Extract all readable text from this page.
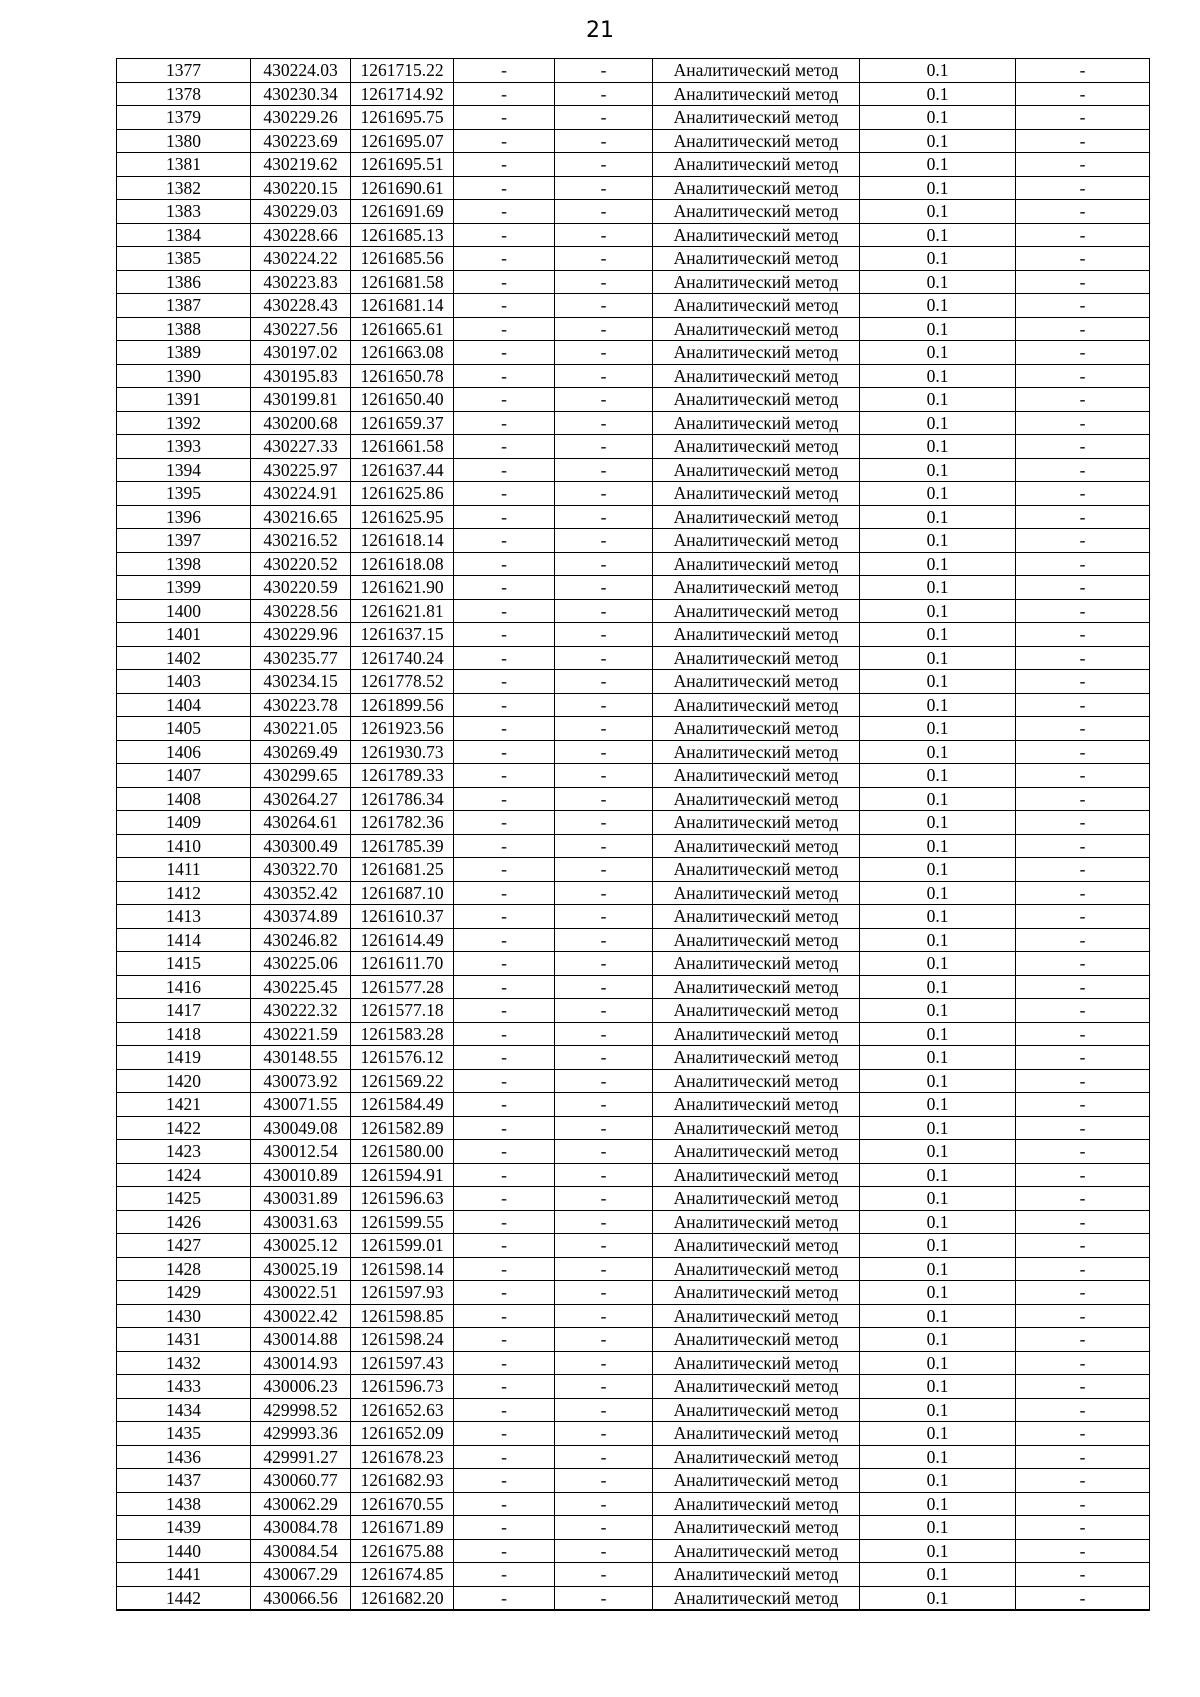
21
1377	430224.03	1261715.22	-	-	Аналитический метод	0.1	-
1378	430230.34	1261714.92	-	-	Аналитический метод	0.1	-
1379	430229.26	1261695.75	-	-	Аналитический метод	0.1	-
1380	430223.69	1261695.07	-	-	Аналитический метод	0.1	-
1381	430219.62	1261695.51	-	-	Аналитический метод	0.1	-
1382	430220.15	1261690.61	-	-	Аналитический метод	0.1	-
1383	430229.03	1261691.69	-	-	Аналитический метод	0.1	-
1384	430228.66	1261685.13	-	-	Аналитический метод	0.1	-
1385	430224.22	1261685.56	-	-	Аналитический метод	0.1	-
1386	430223.83	1261681.58	-	-	Аналитический метод	0.1	-
1387	430228.43	1261681.14	-	-	Аналитический метод	0.1	-
1388	430227.56	1261665.61	-	-	Аналитический метод	0.1	-
1389	430197.02	1261663.08	-	-	Аналитический метод	0.1	-
1390	430195.83	1261650.78	-	-	Аналитический метод	0.1	-
1391	430199.81	1261650.40	-	-	Аналитический метод	0.1	-
1392	430200.68	1261659.37	-	-	Аналитический метод	0.1	-
1393	430227.33	1261661.58	-	-	Аналитический метод	0.1	-
1394	430225.97	1261637.44	-	-	Аналитический метод	0.1	-
1395	430224.91	1261625.86	-	-	Аналитический метод	0.1	-
1396	430216.65	1261625.95	-	-	Аналитический метод	0.1	-
1397	430216.52	1261618.14	-	-	Аналитический метод	0.1	-
1398	430220.52	1261618.08	-	-	Аналитический метод	0.1	-
1399	430220.59	1261621.90	-	-	Аналитический метод	0.1	-
1400	430228.56	1261621.81	-	-	Аналитический метод	0.1	-
1401	430229.96	1261637.15	-	-	Аналитический метод	0.1	-
1402	430235.77	1261740.24	-	-	Аналитический метод	0.1	-
1403	430234.15	1261778.52	-	-	Аналитический метод	0.1	-
1404	430223.78	1261899.56	-	-	Аналитический метод	0.1	-
1405	430221.05	1261923.56	-	-	Аналитический метод	0.1	-
1406	430269.49	1261930.73	-	-	Аналитический метод	0.1	-
1407	430299.65	1261789.33	-	-	Аналитический метод	0.1	-
1408	430264.27	1261786.34	-	-	Аналитический метод	0.1	-
1409	430264.61	1261782.36	-	-	Аналитический метод	0.1	-
1410	430300.49	1261785.39	-	-	Аналитический метод	0.1	-
1411	430322.70	1261681.25	-	-	Аналитический метод	0.1	-
1412	430352.42	1261687.10	-	-	Аналитический метод	0.1	-
1413	430374.89	1261610.37	-	-	Аналитический метод	0.1	-
1414	430246.82	1261614.49	-	-	Аналитический метод	0.1	-
1415	430225.06	1261611.70	-	-	Аналитический метод	0.1	-
1416	430225.45	1261577.28	-	-	Аналитический метод	0.1	-
1417	430222.32	1261577.18	-	-	Аналитический метод	0.1	-
1418	430221.59	1261583.28	-	-	Аналитический метод	0.1	-
1419	430148.55	1261576.12	-	-	Аналитический метод	0.1	-
1420	430073.92	1261569.22	-	-	Аналитический метод	0.1	-
1421	430071.55	1261584.49	-	-	Аналитический метод	0.1	-
1422	430049.08	1261582.89	-	-	Аналитический метод	0.1	-
1423	430012.54	1261580.00	-	-	Аналитический метод	0.1	-
1424	430010.89	1261594.91	-	-	Аналитический метод	0.1	-
1425	430031.89	1261596.63	-	-	Аналитический метод	0.1	-
1426	430031.63	1261599.55	-	-	Аналитический метод	0.1	-
1427	430025.12	1261599.01	-	-	Аналитический метод	0.1	-
1428	430025.19	1261598.14	-	-	Аналитический метод	0.1	-
1429	430022.51	1261597.93	-	-	Аналитический метод	0.1	-
1430	430022.42	1261598.85	-	-	Аналитический метод	0.1	-
1431	430014.88	1261598.24	-	-	Аналитический метод	0.1	-
1432	430014.93	1261597.43	-	-	Аналитический метод	0.1	-
1433	430006.23	1261596.73	-	-	Аналитический метод	0.1	-
1434	429998.52	1261652.63	-	-	Аналитический метод	0.1	-
1435	429993.36	1261652.09	-	-	Аналитический метод	0.1	-
1436	429991.27	1261678.23	-	-	Аналитический метод	0.1	-
1437	430060.77	1261682.93	-	-	Аналитический метод	0.1	-
1438	430062.29	1261670.55	-	-	Аналитический метод	0.1	-
1439	430084.78	1261671.89	-	-	Аналитический метод	0.1	-
1440	430084.54	1261675.88	-	-	Аналитический метод	0.1	-
1441	430067.29	1261674.85	-	-	Аналитический метод	0.1	-
1442	430066.56	1261682.20	-	-	Аналитический метод	0.1	-
